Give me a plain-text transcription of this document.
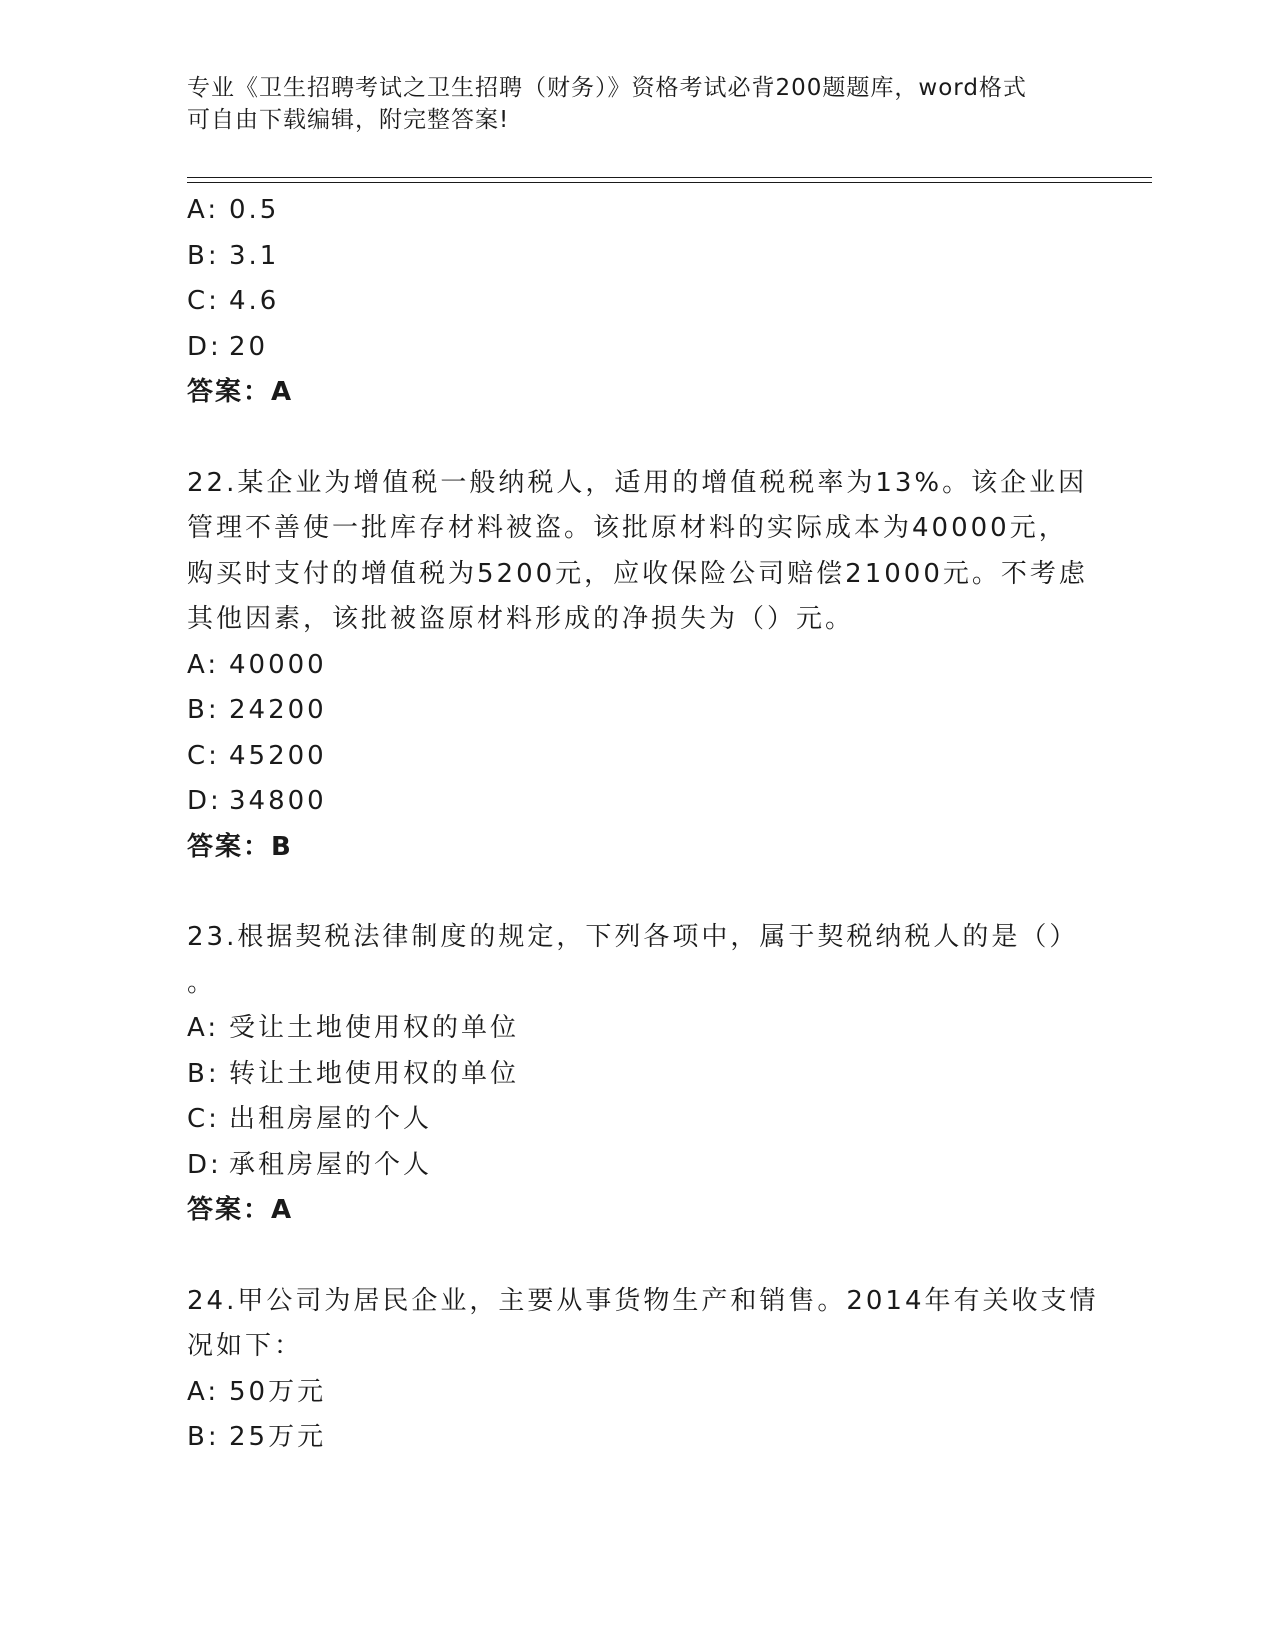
专业《卫生招聘考试之卫生招聘（财务）》资格考试必背200题题库，word格式
可自由下载编辑，附完整答案!
A: 0.5
B: 3.1
C: 4.6
D: 20
答案：A
22.某企业为增值税一般纳税人，适用的增值税税率为13%。该企业因
管理不善使一批库存材料被盗。该批原材料的实际成本为40000元，
购买时支付的增值税为5200元，应收保险公司赔偿21000元。不考虑
其他因素，该批被盗原材料形成的净损失为（）元。
A: 40000
B: 24200
C: 45200
D: 34800
答案：B
23.根据契税法律制度的规定，下列各项中，属于契税纳税人的是（）
。
A: 受让土地使用权的单位
B: 转让土地使用权的单位
C: 出租房屋的个人
D: 承租房屋的个人
答案：A
24.甲公司为居民企业，主要从事货物生产和销售。2014年有关收支情
况如下：
A: 50万元
B: 25万元
